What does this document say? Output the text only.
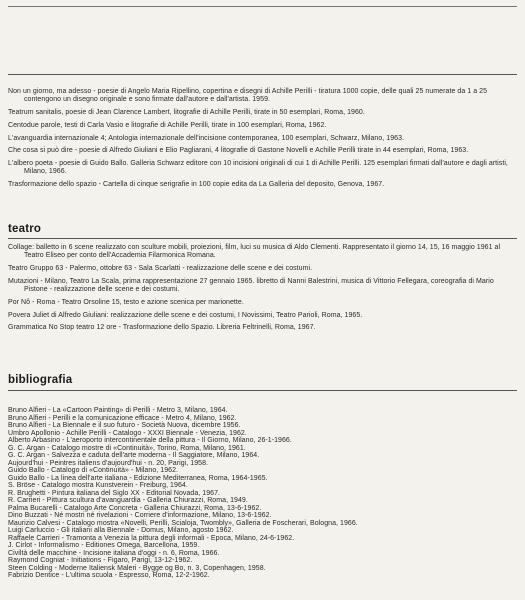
Non un giorno, ma adesso - poesie di Angelo Maria Ripellino, copertina e disegni di Achille Perilli - tiratura 1000 copie, delle quali 25 numerate da 1 a 25 contengono un disegno originale e sono firmate dall'autore e dall'artista. 1959.

Teatrum sanitalis, poesie di Jean Clarence Lambert, litografie di Achille Perilli, tirate in 50 esemplari, Roma, 1960.

Centodue parole, testi di Carla Vasio e litografie di Achille Perilli, tirate in 100 esemplari, Roma, 1962.

L'avanguardia internazionale 4; Antologia internazionale dell'incisione contemporanea, 100 esemplari, Schwarz, Milano, 1963.

Che cosa si può dire - poesie di Alfredo Giuliani e Elio Pagliarani, 4 litografie di Gastone Novelli e Achille Perilli tirate in 44 esemplari, Roma, 1963.

L'albero poeta - poesie di Guido Ballo. Galleria Schwarz editore con 10 incisioni originali di cui 1 di Achille Perilli. 125 esemplari firmati dall'autore e dagli artisti, Milano, 1966.

Trasformazione dello spazio - Cartella di cinque serigrafie in 100 copie edita da La Galleria del deposito, Genova, 1967.

teatro

Collage: balletto in 6 scene realizzato con sculture mobili, proiezioni, film, luci su musica di Aldo Clementi. Rappresentato il giorno 14, 15, 16 maggio 1961 al Teatro Eliseo per conto dell'Accademia Filarmonica Romana.

Teatro Gruppo 63 - Palermo, ottobre 63 - Sala Scarlatti - realizzazione delle scene e dei costumi.

Mutazioni - Milano, Teatro La Scala, prima rappresentazione 27 gennaio 1965. libretto di Nanni Balestrini, musica di Vittorio Fellegara, coreografia di Mario Pistone - realizzazione delle scene e dei costumi.

Por Nô - Roma - Teatro Orsoline 15, testo e azione scenica per marionette.

Povera Juliet di Alfredo Giuliani: realizzazione delle scene e dei costumi, I Novissimi, Teatro Parioli, Roma, 1965.

Grammatica No Stop teatro 12 ore - Trasformazione dello Spazio. Libreria Feltrinelli, Roma, 1967.

bibliografia

Bruno Alfieri - La «Cartoon Painting» di Perilli - Metro 3, Milano, 1964.

Bruno Alfieri - Perilli e la comunicazione efficace - Metro 4, Milano, 1962.

Bruno Alfieri - La Biennale e il suo futuro - Società Nuova, dicembre 1956.

Umbro Apollonio - Achille Perilli - Catalogo - XXXI Biennale - Venezia, 1962.

Alberto Arbasino - L'aeroporto intercontinentale della pittura - Il Giorno, Milano, 26-1-1966.

G. C. Argan - Catalogo mostre di «Continuità», Torino, Roma, Milano, 1961.

G. C. Argan - Salvezza e caduta dell'arte moderna - Il Saggiatore, Milano, 1964.

Aujourd'hui - Peintres italiens d'aujourd'hui - n. 20, Parigi, 1958.

Guido Ballo - Catalogo di «Continuità» - Milano, 1962.

Guido Ballo - La linea dell'arte italiana - Edizione Mediterranea, Roma, 1964-1965.

S. Bröse - Catalogo mostra Kunstverein - Freiburg, 1964.

R. Brughetti - Pintura italiana del Siglo XX - Editorial Novada, 1967.

R. Carrieri - Pittura scultura d'avanguardia - Galleria Chiurazzi, Roma, 1949.

Palma Bucarelli - Catalogo Arte Concreta - Galleria Chiurazzi, Roma, 13-6-1962.

Dino Buzzati - Né mostri né rivelazioni - Corriere d'informazione, Milano, 13-6-1962.

Maurizio Calvesi - Catalogo mostra «Novelli, Perilli, Scialoja, Twombly», Galleria de Foscherari, Bologna, 1966.

Luigi Carluccio - Gli italiani alla Biennale - Domus, Milano, agosto 1962.

Raffaele Carrieri - Tramonta a Venezia la pittura degli informali - Epoca, Milano, 24-6-1962.

J. Cirlot - Informalismo - Editiones Omega, Barcellona, 1959.

Civiltà delle macchine - Incisione italiana d'oggi - n. 6, Roma, 1966.

Raymond Cogniat - Initiations - Figaro, Parigi, 13-12-1962.

Steen Colding - Moderne Italiensk Maleri - Bygge og Bo, n. 3, Copenhagen, 1958.

Fabrizio Dentice - L'ultima scuola - Espresso, Roma, 12-2-1962.
